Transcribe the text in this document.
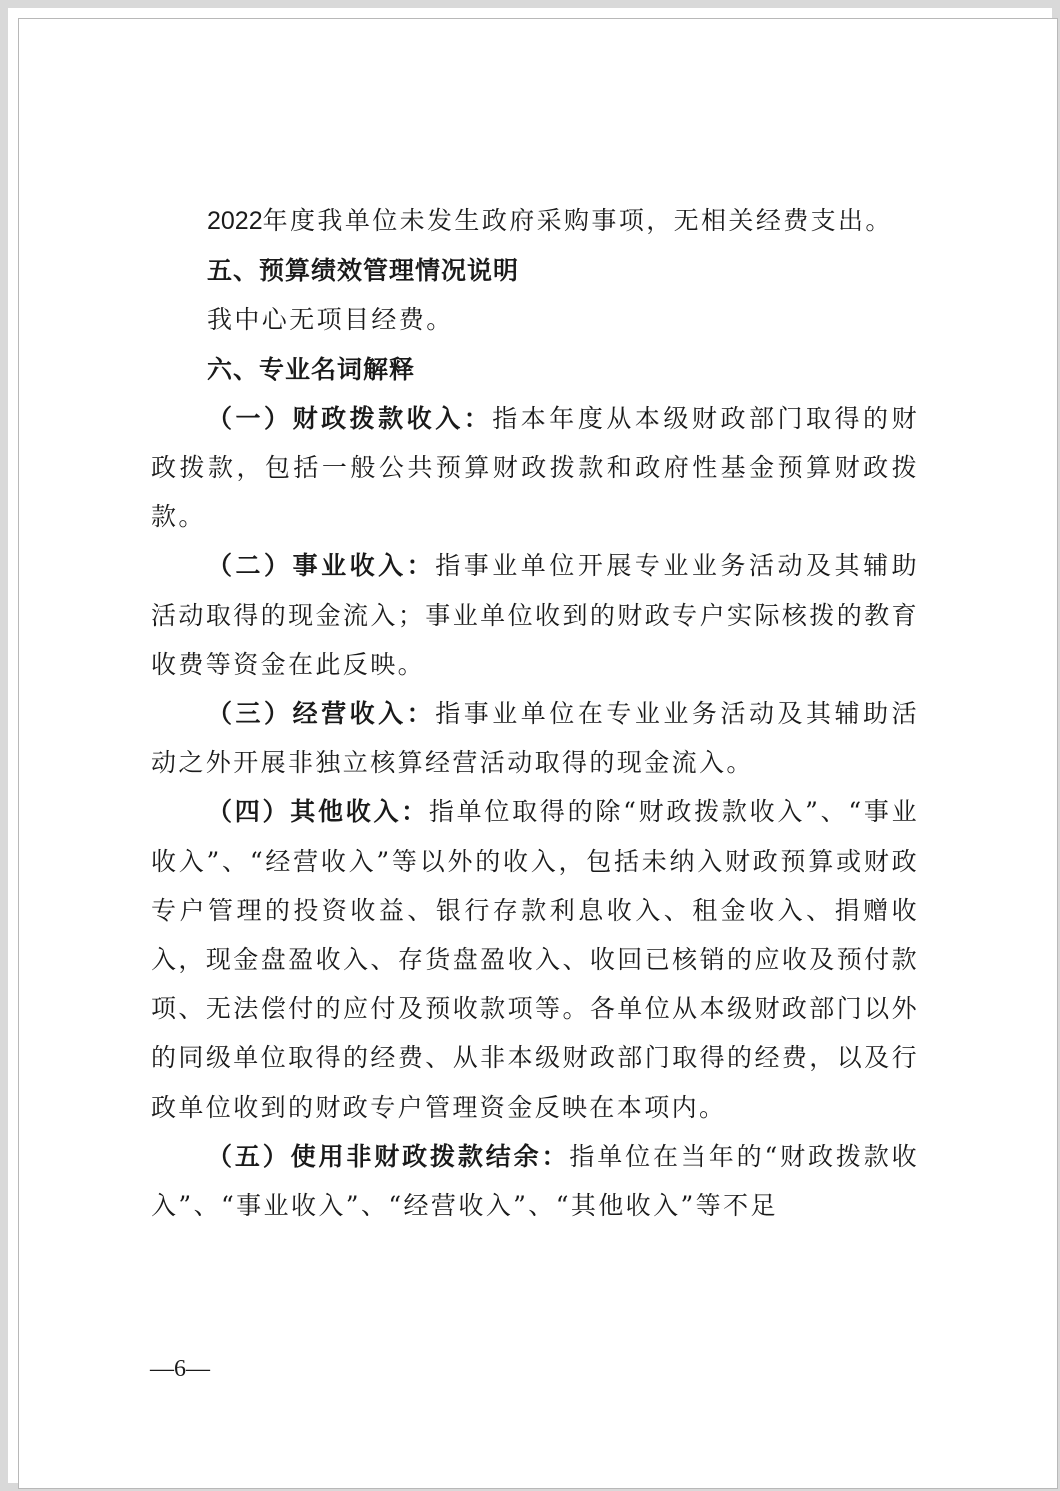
2022年度我单位未发生政府采购事项，无相关经费支出。

五、预算绩效管理情况说明

我中心无项目经费。

六、专业名词解释

（一）财政拨款收入：指本年度从本级财政部门取得的财政拨款，包括一般公共预算财政拨款和政府性基金预算财政拨款。

（二）事业收入：指事业单位开展专业业务活动及其辅助活动取得的现金流入；事业单位收到的财政专户实际核拨的教育收费等资金在此反映。

（三）经营收入：指事业单位在专业业务活动及其辅助活动之外开展非独立核算经营活动取得的现金流入。

（四）其他收入：指单位取得的除“财政拨款收入”、“事业收入”、“经营收入”等以外的收入，包括未纳入财政预算或财政专户管理的投资收益、银行存款利息收入、租金收入、捐赠收入，现金盘盈收入、存货盘盈收入、收回已核销的应收及预付款项、无法偿付的应付及预收款项等。各单位从本级财政部门以外的同级单位取得的经费、从非本级财政部门取得的经费，以及行政单位收到的财政专户管理资金反映在本项内。

（五）使用非财政拨款结余：指单位在当年的“财政拨款收入”、“事业收入”、“经营收入”、“其他收入”等不足

—6—
